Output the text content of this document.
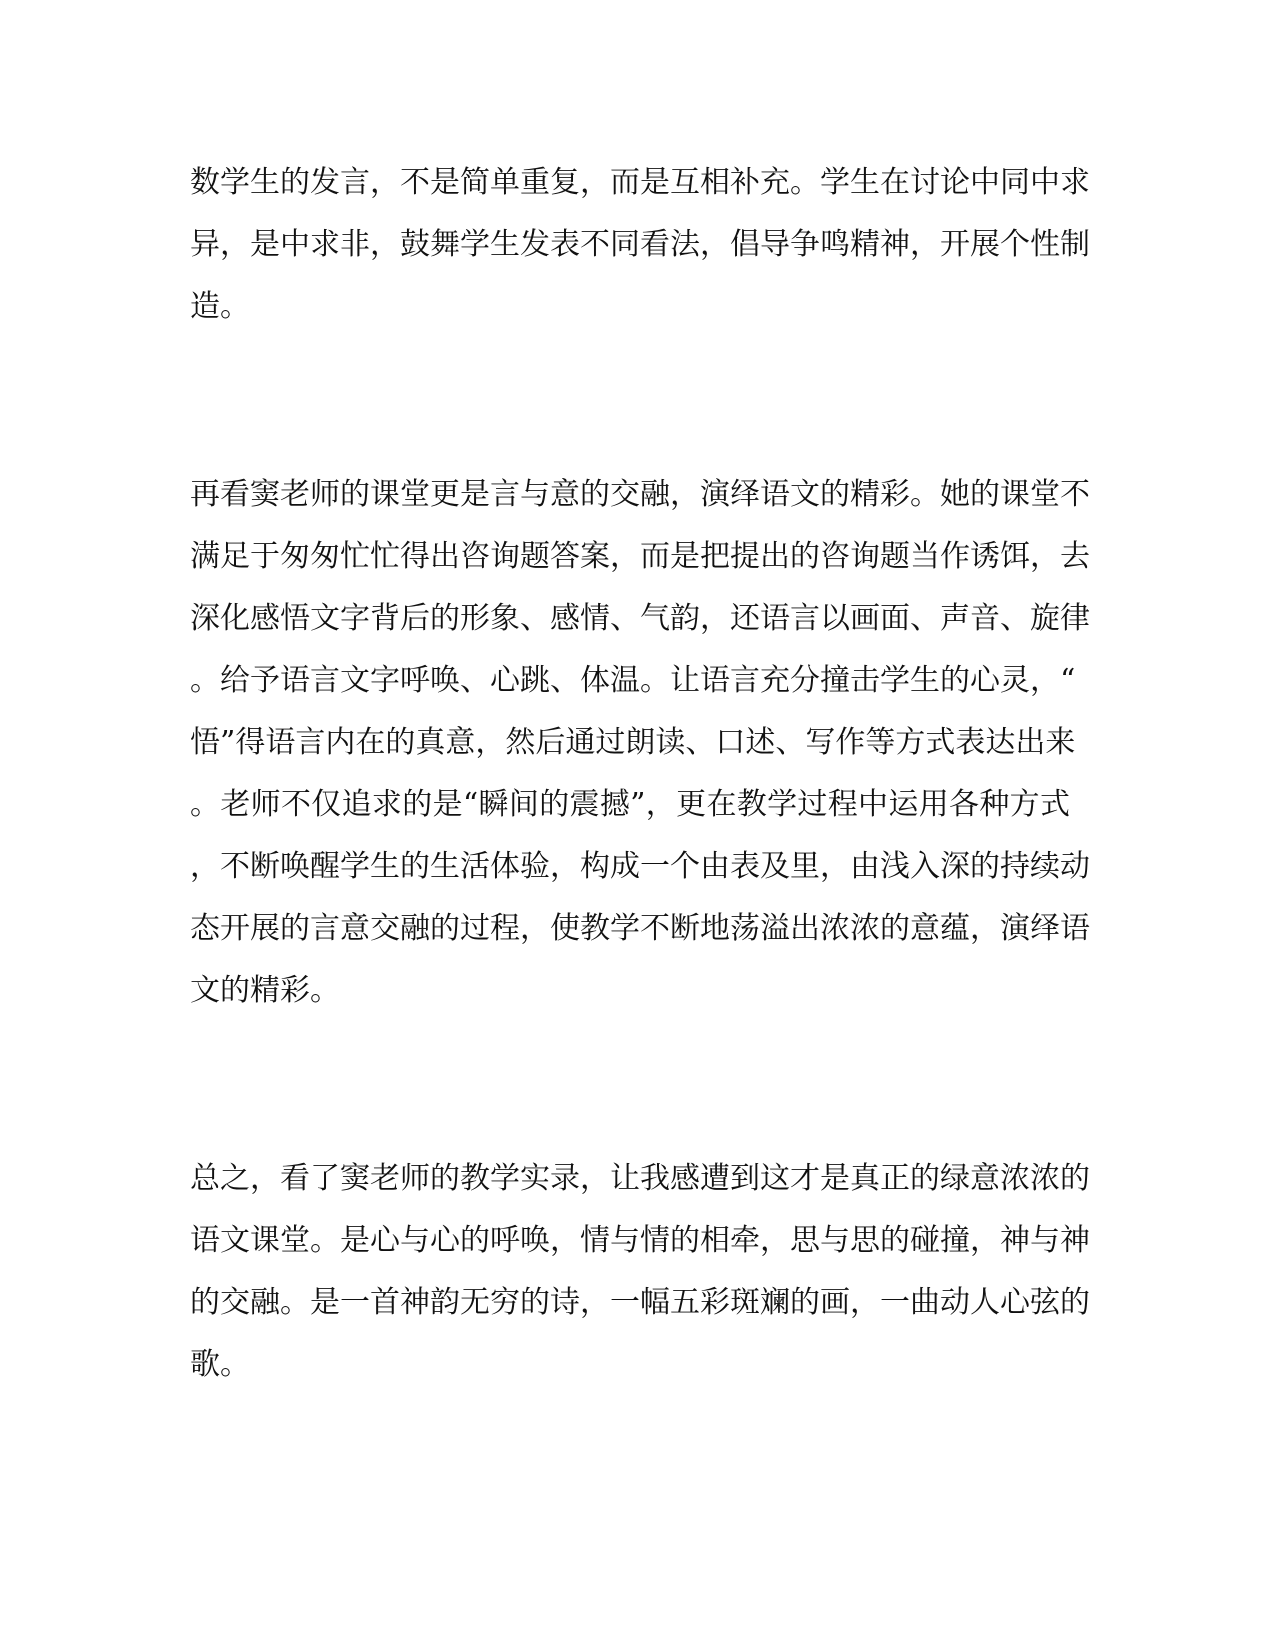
数学生的发言，不是简单重复，而是互相补充。学生在讨论中同中求

异，是中求非，鼓舞学生发表不同看法，倡导争鸣精神，开展个性制

造。

再看窦老师的课堂更是言与意的交融，演绎语文的精彩。她的课堂不

满足于匆匆忙忙得出咨询题答案，而是把提出的咨询题当作诱饵，去

深化感悟文字背后的形象、感情、气韵，还语言以画面、声音、旋律

。给予语言文字呼唤、心跳、体温。让语言充分撞击学生的心灵，“

悟”得语言内在的真意，然后通过朗读、口述、写作等方式表达出来

。老师不仅追求的是“瞬间的震撼”，更在教学过程中运用各种方式

，不断唤醒学生的生活体验，构成一个由表及里，由浅入深的持续动

态开展的言意交融的过程，使教学不断地荡溢出浓浓的意蕴，演绎语

文的精彩。

总之，看了窦老师的教学实录，让我感遭到这才是真正的绿意浓浓的

语文课堂。是心与心的呼唤，情与情的相牵，思与思的碰撞，神与神

的交融。是一首神韵无穷的诗，一幅五彩斑斓的画，一曲动人心弦的

歌。
